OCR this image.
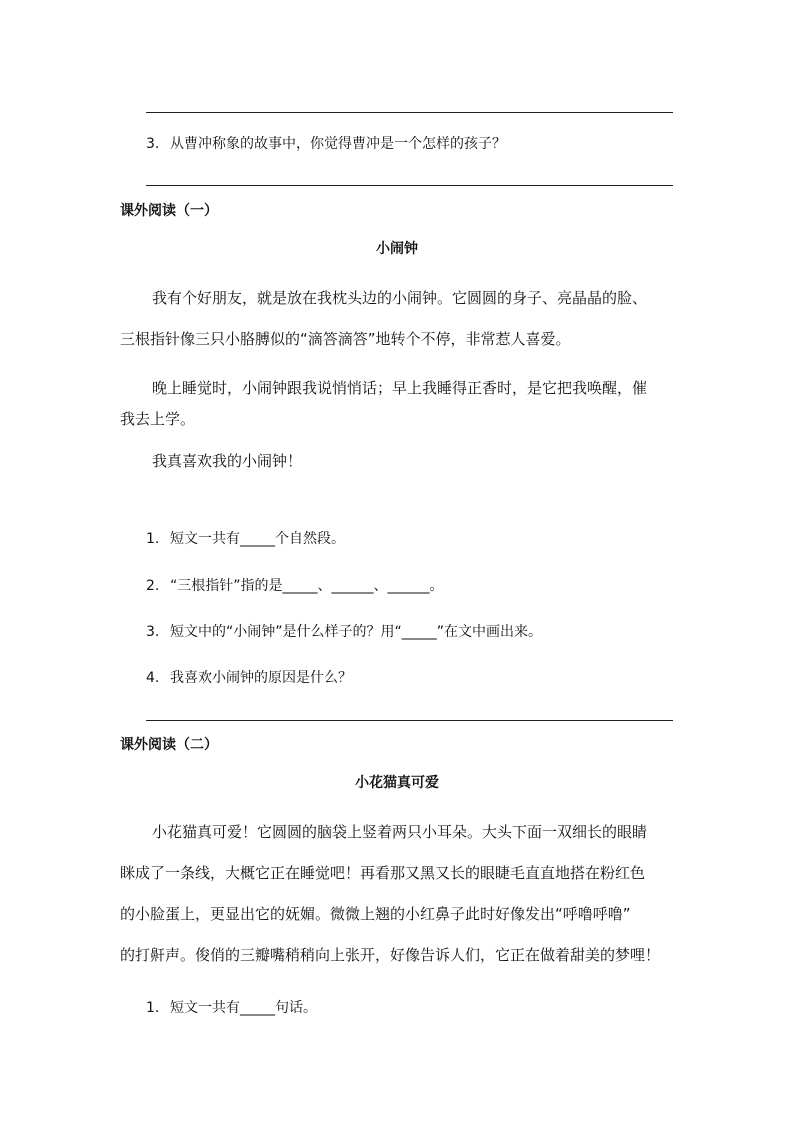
3. 从曹冲称象的故事中，你觉得曹冲是一个怎样的孩子？
课外阅读（一）
小闹钟
我有个好朋友，就是放在我枕头边的小闹钟。它圆圆的身子、亮晶晶的脸、
三根指针像三只小胳膊似的“滴答滴答”地转个不停，非常惹人喜爱。
晚上睡觉时，小闹钟跟我说悄悄话；早上我睡得正香时，是它把我唤醒，催
我去上学。
我真喜欢我的小闹钟！
1. 短文一共有_____个自然段。
2. “三根指针”指的是_____、______、______。
3. 短文中的“小闹钟”是什么样子的？用“_____”在文中画出来。
4. 我喜欢小闹钟的原因是什么？
课外阅读（二）
小花猫真可爱
小花猫真可爱！它圆圆的脑袋上竖着两只小耳朵。大头下面一双细长的眼睛
眯成了一条线，大概它正在睡觉吧！再看那又黑又长的眼睫毛直直地搭在粉红色
的小脸蛋上，更显出它的妩媚。微微上翘的小红鼻子此时好像发出“呼噜呼噜”
的打鼾声。俊俏的三瓣嘴稍稍向上张开，好像告诉人们，它正在做着甜美的梦哩！
1. 短文一共有_____句话。
